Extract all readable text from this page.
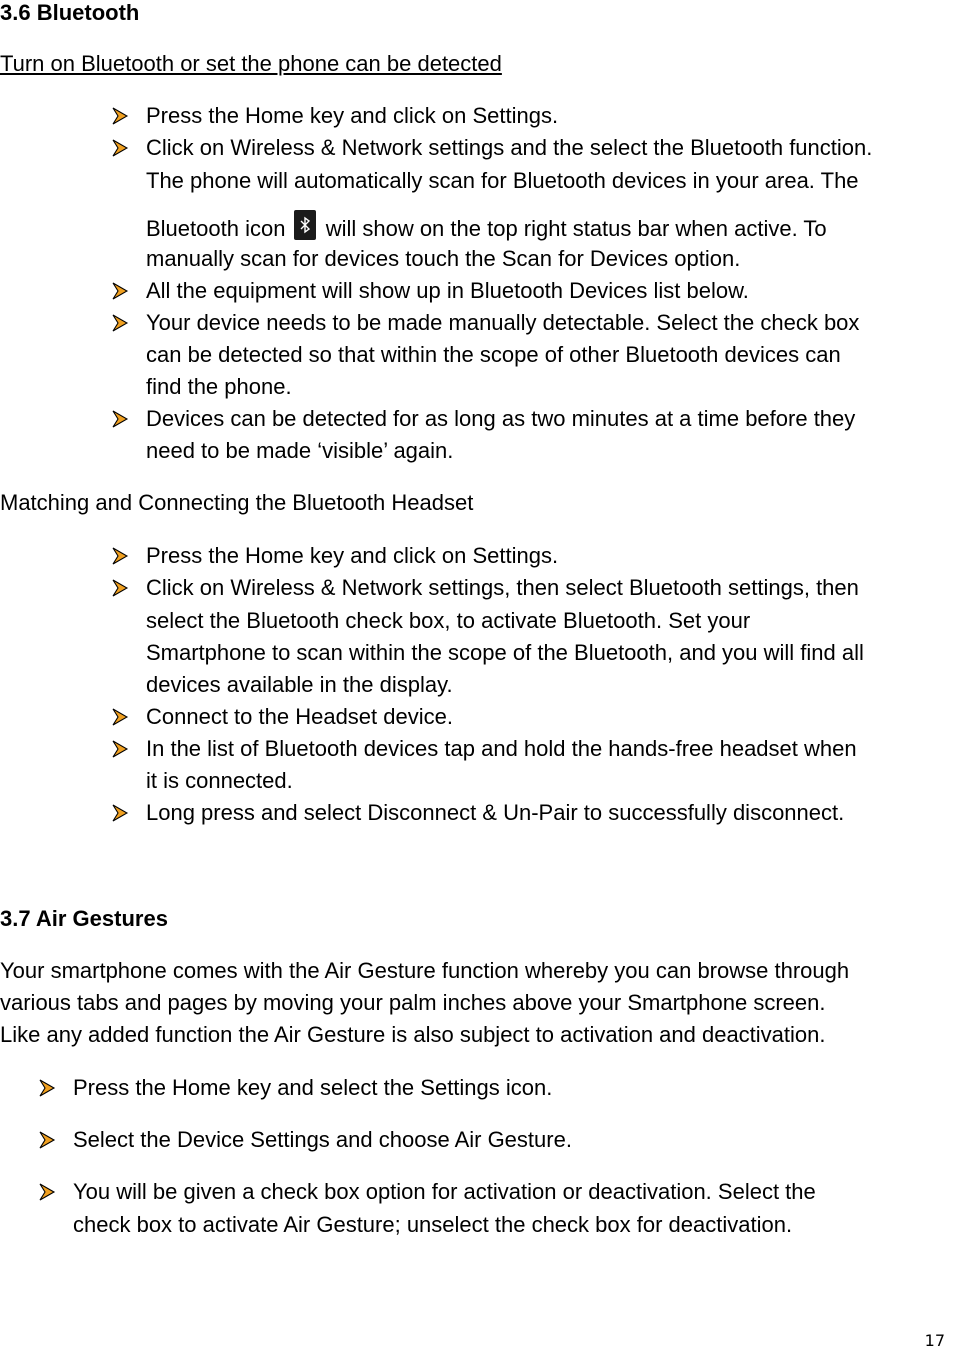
3.6 Bluetooth
Turn on Bluetooth or set the phone can be detected
Press the Home key and click on Settings.
Click on Wireless & Network settings and the select the Bluetooth function.
The phone will automatically scan for Bluetooth devices in your area. The
Bluetooth icon will show on the top right status bar when active. To
manually scan for devices touch the Scan for Devices option.
All the equipment will show up in Bluetooth Devices list below.
Your device needs to be made manually detectable. Select the check box
can be detected so that within the scope of other Bluetooth devices can
find the phone.
Devices can be detected for as long as two minutes at a time before they
need to be made ‘visible’ again.
Matching and Connecting the Bluetooth Headset
Press the Home key and click on Settings.
Click on Wireless & Network settings, then select Bluetooth settings, then
select the Bluetooth check box, to activate Bluetooth. Set your
Smartphone to scan within the scope of the Bluetooth, and you will find all
devices available in the display.
Connect to the Headset device.
In the list of Bluetooth devices tap and hold the hands-free headset when
it is connected.
Long press and select Disconnect & Un-Pair to successfully disconnect.
3.7 Air Gestures
Your smartphone comes with the Air Gesture function whereby you can browse through
various tabs and pages by moving your palm inches above your Smartphone screen.
Like any added function the Air Gesture is also subject to activation and deactivation.
Press the Home key and select the Settings icon.
Select the Device Settings and choose Air Gesture.
You will be given a check box option for activation or deactivation. Select the
check box to activate Air Gesture; unselect the check box for deactivation.
17
